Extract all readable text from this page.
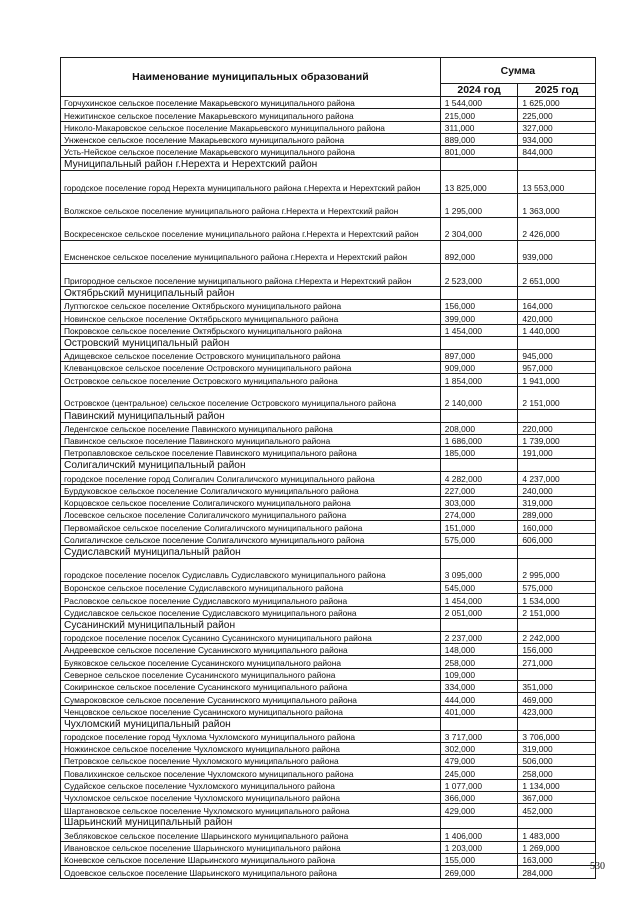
Наименование муниципальных образований	Сумма	
	2024 год	2025 год
Горчухинское сельское поселение Макарьевского муниципального района	1 544,000	1 625,000
Нежитинское сельское поселение Макарьевского муниципального района	215,000	225,000
Николо-Макаровское сельское поселение Макарьевского муниципального района	311,000	327,000
Унженское сельское поселение Макарьевского муниципального района	889,000	934,000
Усть-Нейское сельское поселение Макарьевского муниципального района	801,000	844,000
Муниципальный район г.Нерехта и Нерехтский район		
городское поселение город Нерехта муниципального района г.Нерехта и Нерехтский район	13 825,000	13 553,000
Волжское сельское поселение муниципального района г.Нерехта и Нерехтский район	1 295,000	1 363,000
Воскресенское сельское поселение муниципального района г.Нерехта и Нерехтский район	2 304,000	2 426,000
Емсненское сельское поселение муниципального района г.Нерехта и Нерехтский район	892,000	939,000
Пригородное сельское поселение муниципального района г.Нерехта и Нерехтский район	2 523,000	2 651,000
Октябрьский муниципальный район		
Луптюгское сельское поселение Октябрьского муниципального района	156,000	164,000
Новинское сельское поселение Октябрьского муниципального района	399,000	420,000
Покровское сельское поселение Октябрьского муниципального района	1 454,000	1 440,000
Островский муниципальный район		
Адищевское сельское поселение Островского муниципального района	897,000	945,000
Клеванцовское сельское поселение Островского муниципального района	909,000	957,000
Островское сельское поселение Островского муниципального района	1 854,000	1 941,000
Островское (центральное) сельское поселение Островского муниципального района	2 140,000	2 151,000
Павинский муниципальный район		
Леденгское сельское поселение Павинского муниципального района	208,000	220,000
Павинское сельское поселение Павинского муниципального района	1 686,000	1 739,000
Петропавловское сельское поселение Павинского муниципального района	185,000	191,000
Солигаличский муниципальный район		
городское поселение город Солигалич Солигаличского муниципального района	4 282,000	4 237,000
Бурдуковское сельское поселение Солигаличского муниципального района	227,000	240,000
Корцовское сельское поселение Солигаличского муниципального района	303,000	319,000
Лосевское сельское поселение Солигаличского муниципального района	274,000	289,000
Первомайское сельское поселение Солигаличского муниципального района	151,000	160,000
Солигаличское сельское поселение Солигаличского муниципального района	575,000	606,000
Судиславский муниципальный район		
городское поселение поселок Судиславль Судиславского муниципального района	3 095,000	2 995,000
Воронское сельское поселение Судиславского муниципального района	545,000	575,000
Расловское сельское поселение Судиславского муниципального района	1 454,000	1 534,000
Судиславское сельское поселение Судиславского муниципального района	2 051,000	2 151,000
Сусанинский муниципальный район		
городское поселение поселок Сусанино Сусанинского муниципального района	2 237,000	2 242,000
Андреевское сельское поселение Сусанинского муниципального района	148,000	156,000
Буяковское сельское поселение Сусанинского муниципального района	258,000	271,000
Северное сельское поселение Сусанинского муниципального района	109,000	
Сокиринское сельское поселение Сусанинского муниципального района	334,000	351,000
Сумароковское сельское поселение Сусанинского муниципального района	444,000	469,000
Ченцовское сельское поселение Сусанинского муниципального района	401,000	423,000
Чухломский муниципальный район		
городское поселение город Чухлома Чухломского муниципального района	3 717,000	3 706,000
Ножкинское сельское поселение Чухломского муниципального района	302,000	319,000
Петровское сельское поселение Чухломского муниципального района	479,000	506,000
Повалихинское сельское поселение Чухломского муниципального района	245,000	258,000
Судайское сельское поселение Чухломского муниципального района	1 077,000	1 134,000
Чухломское сельское поселение Чухломского муниципального района	366,000	367,000
Шартановское сельское поселение Чухломского муниципального района	429,000	452,000
Шарьинский муниципальный район		
Зебляковское сельское поселение Шарьинского муниципального района	1 406,000	1 483,000
Ивановское сельское поселение Шарьинского муниципального района	1 203,000	1 269,000
Коневское сельское поселение Шарьинского муниципального района	155,000	163,000
Одоевское сельское поселение Шарьинского муниципального района	269,000	284,000
530
